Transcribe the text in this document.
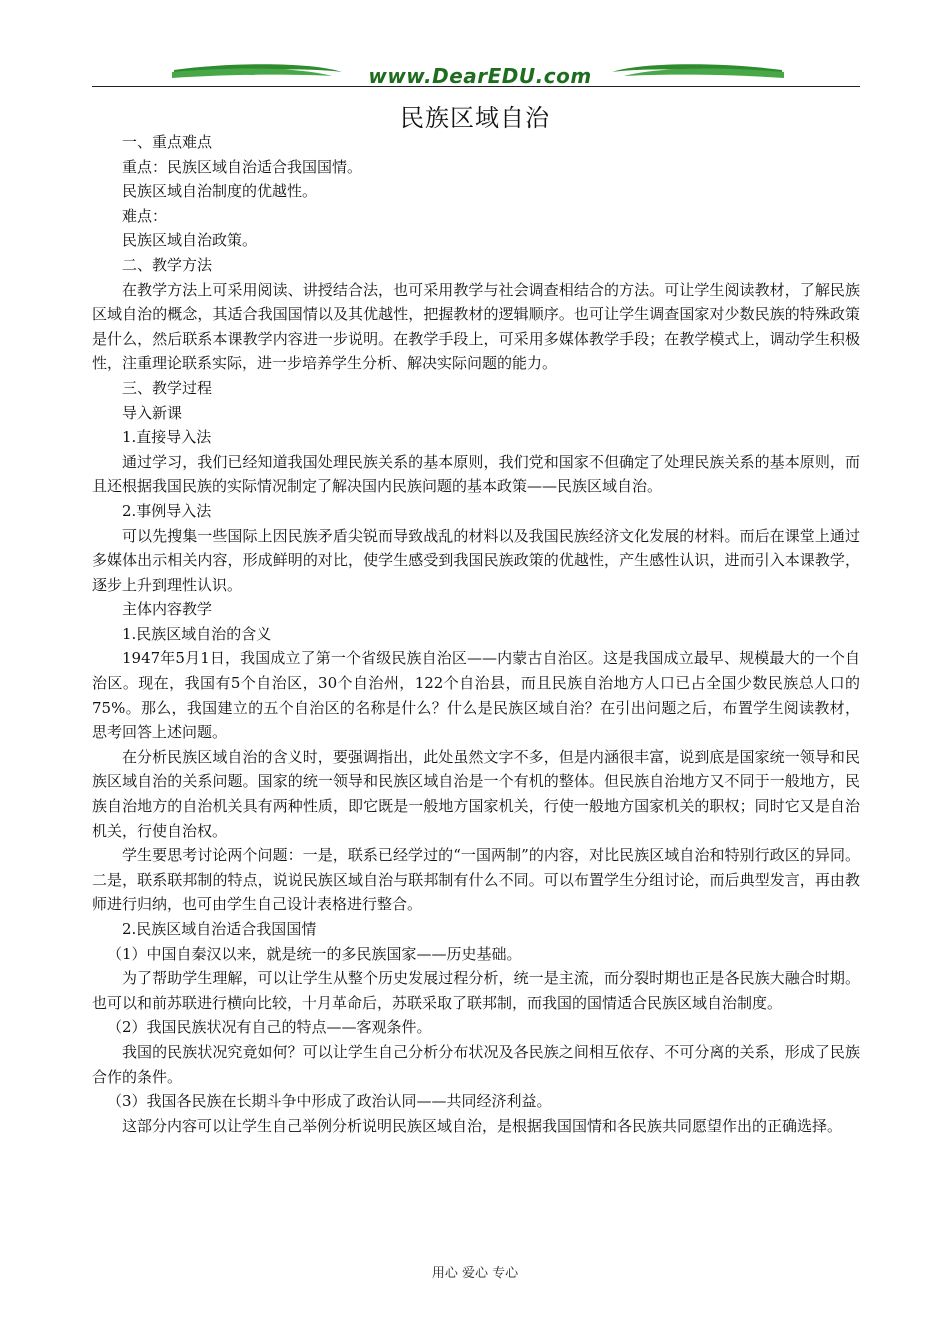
www.DearEDU.com
民族区域自治

一、重点难点

重点：民族区域自治适合我国国情。

民族区域自治制度的优越性。

难点：

民族区域自治政策。

二、教学方法

在教学方法上可采用阅读、讲授结合法，也可采用教学与社会调查相结合的方法。可让学生阅读教材，了解民族区域自治的概念，其适合我国国情以及其优越性，把握教材的逻辑顺序。也可让学生调查国家对少数民族的特殊政策是什么，然后联系本课教学内容进一步说明。在教学手段上，可采用多媒体教学手段；在教学模式上，调动学生积极性，注重理论联系实际，进一步培养学生分析、解决实际问题的能力。

三、教学过程

导入新课

1.直接导入法

通过学习，我们已经知道我国处理民族关系的基本原则，我们党和国家不但确定了处理民族关系的基本原则，而且还根据我国民族的实际情况制定了解决国内民族问题的基本政策——民族区域自治。

2.事例导入法

可以先搜集一些国际上因民族矛盾尖锐而导致战乱的材料以及我国民族经济文化发展的材料。而后在课堂上通过多媒体出示相关内容，形成鲜明的对比，使学生感受到我国民族政策的优越性，产生感性认识，进而引入本课教学，逐步上升到理性认识。

主体内容教学

1.民族区域自治的含义

1947年5月1日，我国成立了第一个省级民族自治区——内蒙古自治区。这是我国成立最早、规模最大的一个自治区。现在，我国有5个自治区，30个自治州，122个自治县，而且民族自治地方人口已占全国少数民族总人口的75%。那么，我国建立的五个自治区的名称是什么？什么是民族区域自治？在引出问题之后，布置学生阅读教材，思考回答上述问题。

在分析民族区域自治的含义时，要强调指出，此处虽然文字不多，但是内涵很丰富，说到底是国家统一领导和民族区域自治的关系问题。国家的统一领导和民族区域自治是一个有机的整体。但民族自治地方又不同于一般地方，民族自治地方的自治机关具有两种性质，即它既是一般地方国家机关，行使一般地方国家机关的职权；同时它又是自治机关，行使自治权。

学生要思考讨论两个问题：一是，联系已经学过的“一国两制”的内容，对比民族区域自治和特别行政区的异同。二是，联系联邦制的特点，说说民族区域自治与联邦制有什么不同。可以布置学生分组讨论，而后典型发言，再由教师进行归纳，也可由学生自己设计表格进行整合。

2.民族区域自治适合我国国情

（1）中国自秦汉以来，就是统一的多民族国家——历史基础。

为了帮助学生理解，可以让学生从整个历史发展过程分析，统一是主流，而分裂时期也正是各民族大融合时期。也可以和前苏联进行横向比较，十月革命后，苏联采取了联邦制，而我国的国情适合民族区域自治制度。

（2）我国民族状况有自己的特点——客观条件。

我国的民族状况究竟如何？可以让学生自己分析分布状况及各民族之间相互依存、不可分离的关系，形成了民族合作的条件。

（3）我国各民族在长期斗争中形成了政治认同——共同经济利益。

这部分内容可以让学生自己举例分析说明民族区域自治，是根据我国国情和各民族共同愿望作出的正确选择。

用心 爱心 专心
